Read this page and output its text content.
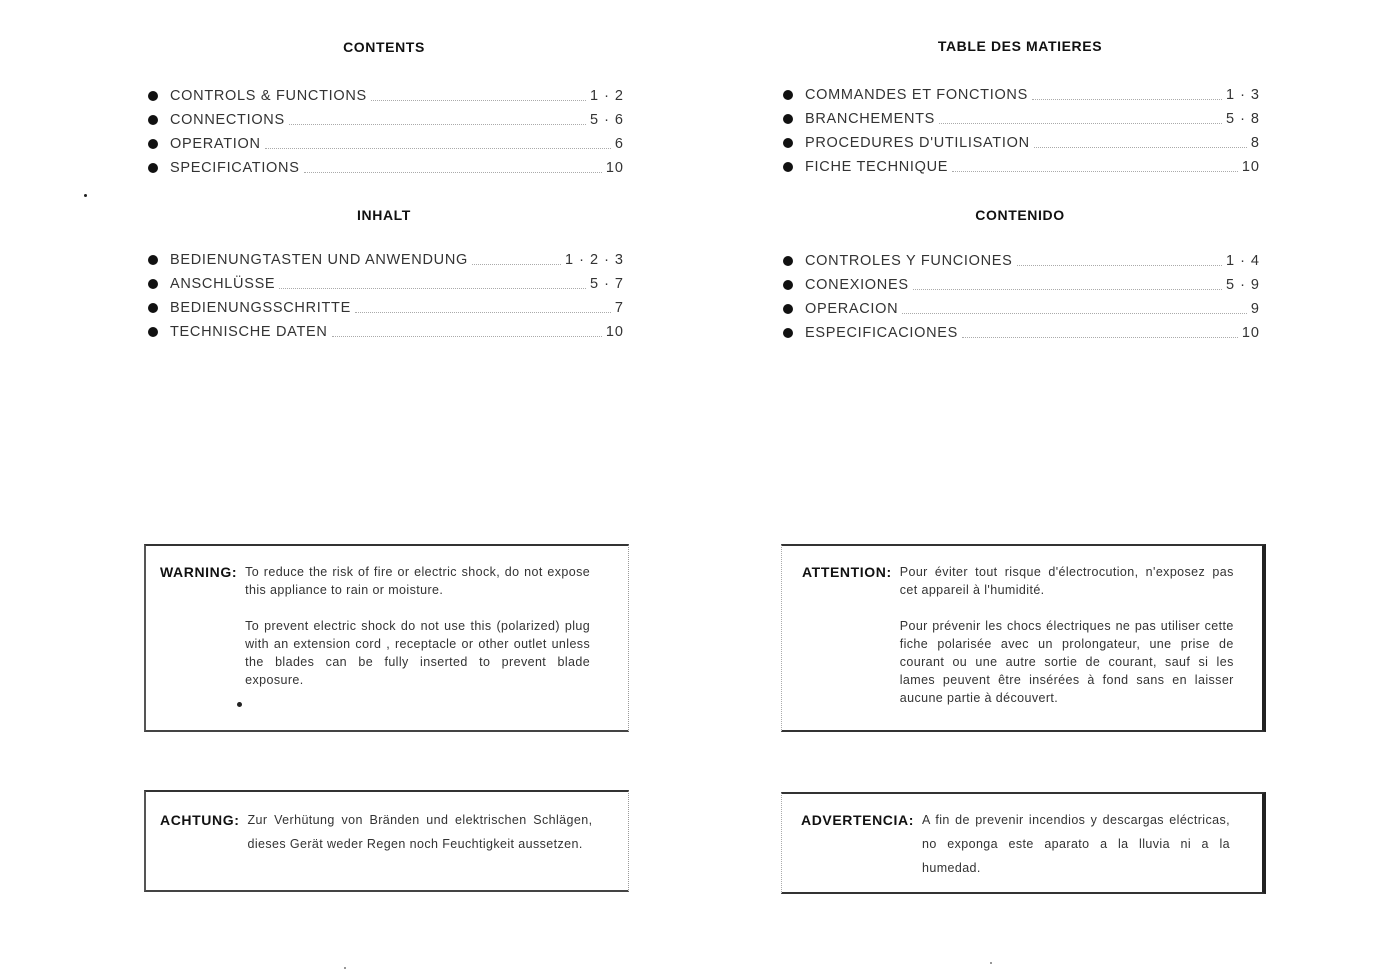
CONTENTS
CONTROLS & FUNCTIONS	1 · 2
CONNECTIONS	5 · 6
OPERATION	6
SPECIFICATIONS	10
INHALT
BEDIENUNGTASTEN UND ANWENDUNG	1 · 2 · 3
ANSCHLÜSSE	5 · 7
BEDIENUNGSSCHRITTE	7
TECHNISCHE DATEN	10
TABLE DES MATIERES
COMMANDES ET FONCTIONS	1 · 3
BRANCHEMENTS	5 · 8
PROCEDURES D'UTILISATION	8
FICHE TECHNIQUE	10
CONTENIDO
CONTROLES Y FUNCIONES	1 · 4
CONEXIONES	5 · 9
OPERACION	9
ESPECIFICACIONES	10
WARNING: To reduce the risk of fire or electric shock, do not expose this appliance to rain or moisture.

To prevent electric shock do not use this (polarized) plug with an extension cord , receptacle or other outlet unless the blades can be fully inserted to prevent blade exposure.

ATTENTION: Pour éviter tout risque d'électrocution, n'exposez pas cet appareil à l'humidité.

Pour prévenir les chocs électriques ne pas utiliser cette fiche polarisée avec un prolongateur, une prise de courant ou une autre sortie de courant, sauf si les lames peuvent être insérées à fond sans en laisser aucune partie à découvert.

ACHTUNG: Zur Verhütung von Bränden und elektrischen Schlägen, dieses Gerät weder Regen noch Feuchtigkeit aussetzen.

ADVERTENCIA: A fin de prevenir incendios y descargas eléctricas, no exponga este aparato a la lluvia ni a la humedad.
